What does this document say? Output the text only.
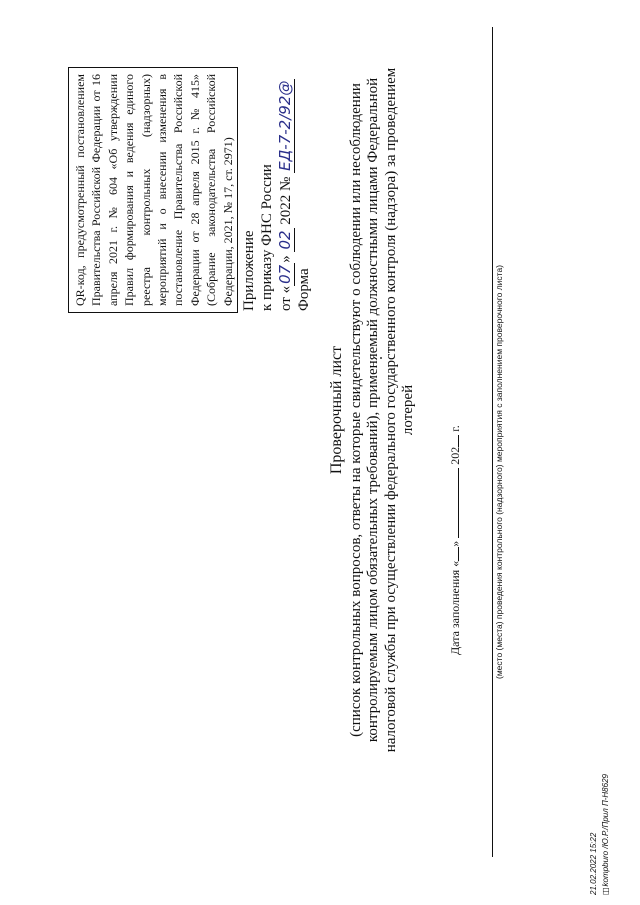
QR-код, предусмотренный постановлением Правительства Российской Федерации от 16 апреля 2021 г. № 604 «Об утверждении Правил формирования и ведения единого реестра контрольных (надзорных) мероприятий и о внесении изменения в постановление Правительства Российской Федерации от 28 апреля 2015 г. № 415» (Собрание законодательства Российской Федерации, 2021, № 17, ст. 2971) Приложение к приказу ФНС России от «07» 02 2022 № ЕД-7-2/92@
Форма

Проверочный лист (список контрольных вопросов, ответы на которые свидетельствуют о соблюдении или несоблюдении контролируемым лицом обязательных требований), применяемый должностными лицами Федеральной налоговой службы при осуществлении федерального государственного контроля (надзора) за проведением лотерей

Дата заполнения «»  202 г.	(место (места) проведения контрольного (надзорного) мероприятия с заполнением проверочного листа)
21.02.2022 15:22 ◫kompburo /Ю.Р./Прил П-Н8629
